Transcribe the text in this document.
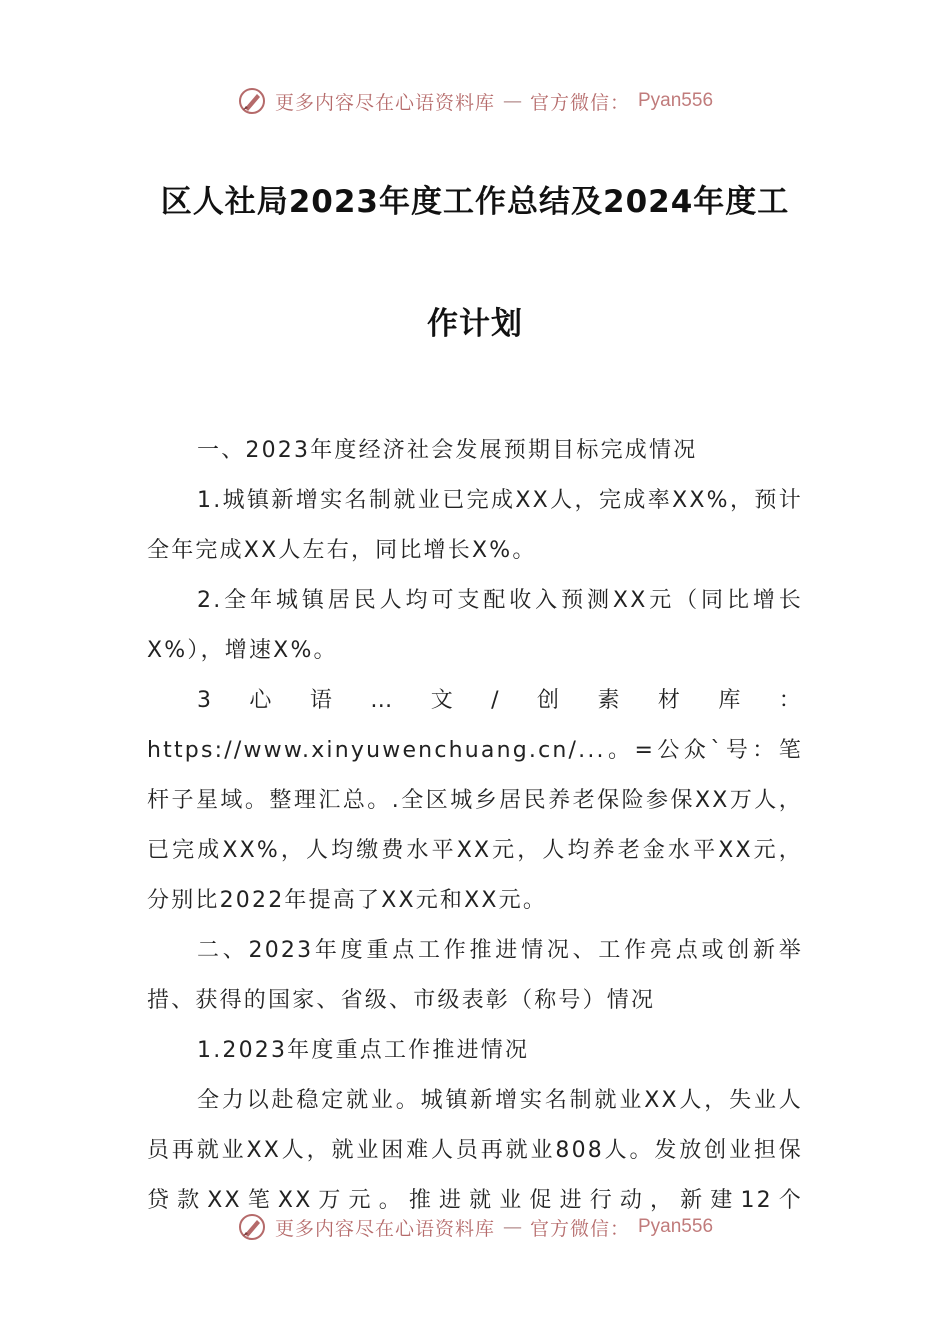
更多内容尽在心语资料库 — 官方微信： Pyan556
区人社局2023年度工作总结及2024年度工
作计划

一、2023年度经济社会发展预期目标完成情况

1.城镇新增实名制就业已完成XX人，完成率XX%，预计全年完成XX人左右，同比增长X%。

2.全年城镇居民人均可支配收入预测XX元（同比增长X%），增速X%。

3心语…文/创素材库：https://www.xinyuwenchuang.cn/...。=公众`号：笔杆子星域。整理汇总。.全区城乡居民养老保险参保XX万人，已完成XX%，人均缴费水平XX元，人均养老金水平XX元，分别比2022年提高了XX元和XX元。

二、2023年度重点工作推进情况、工作亮点或创新举措、获得的国家、省级、市级表彰（称号）情况

1.2023年度重点工作推进情况

全力以赴稳定就业。城镇新增实名制就业XX人，失业人员再就业XX人，就业困难人员再就业808人。发放创业担保贷款XX笔XX万元。推进就业促进行动，新建12个

更多内容尽在心语资料库 — 官方微信： Pyan556
